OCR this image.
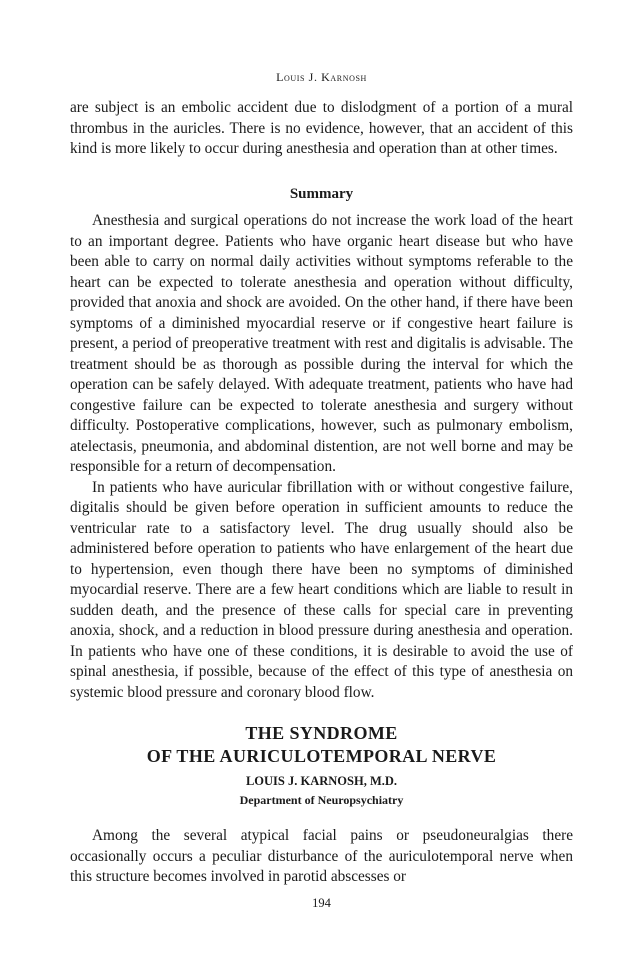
Louis J. Karnosh

are subject is an embolic accident due to dislodgment of a portion of a mural thrombus in the auricles. There is no evidence, however, that an accident of this kind is more likely to occur during anesthesia and operation than at other times.

Summary

Anesthesia and surgical operations do not increase the work load of the heart to an important degree. Patients who have organic heart disease but who have been able to carry on normal daily activities without symptoms referable to the heart can be expected to tolerate anesthesia and operation without difficulty, provided that anoxia and shock are avoided. On the other hand, if there have been symptoms of a diminished myocardial reserve or if congestive heart failure is present, a period of preoperative treatment with rest and digitalis is advisable. The treatment should be as thorough as possible during the interval for which the operation can be safely delayed. With adequate treatment, patients who have had congestive failure can be expected to tolerate anesthesia and surgery without difficulty. Postoperative complications, however, such as pulmonary embolism, atelectasis, pneumonia, and abdominal distention, are not well borne and may be responsible for a return of decompensation.

In patients who have auricular fibrillation with or without congestive failure, digitalis should be given before operation in sufficient amounts to reduce the ventricular rate to a satisfactory level. The drug usually should also be administered before operation to patients who have enlargement of the heart due to hypertension, even though there have been no symptoms of diminished myocardial reserve. There are a few heart conditions which are liable to result in sudden death, and the presence of these calls for special care in preventing anoxia, shock, and a reduction in blood pressure during anesthesia and operation. In patients who have one of these conditions, it is desirable to avoid the use of spinal anesthesia, if possible, because of the effect of this type of anesthesia on systemic blood pressure and coronary blood flow.

THE SYNDROME
OF THE AURICULOTEMPORAL NERVE
LOUIS J. KARNOSH, M.D.
Department of Neuropsychiatry

Among the several atypical facial pains or pseudoneuralgias there occasionally occurs a peculiar disturbance of the auriculotemporal nerve when this structure becomes involved in parotid abscesses or

194
